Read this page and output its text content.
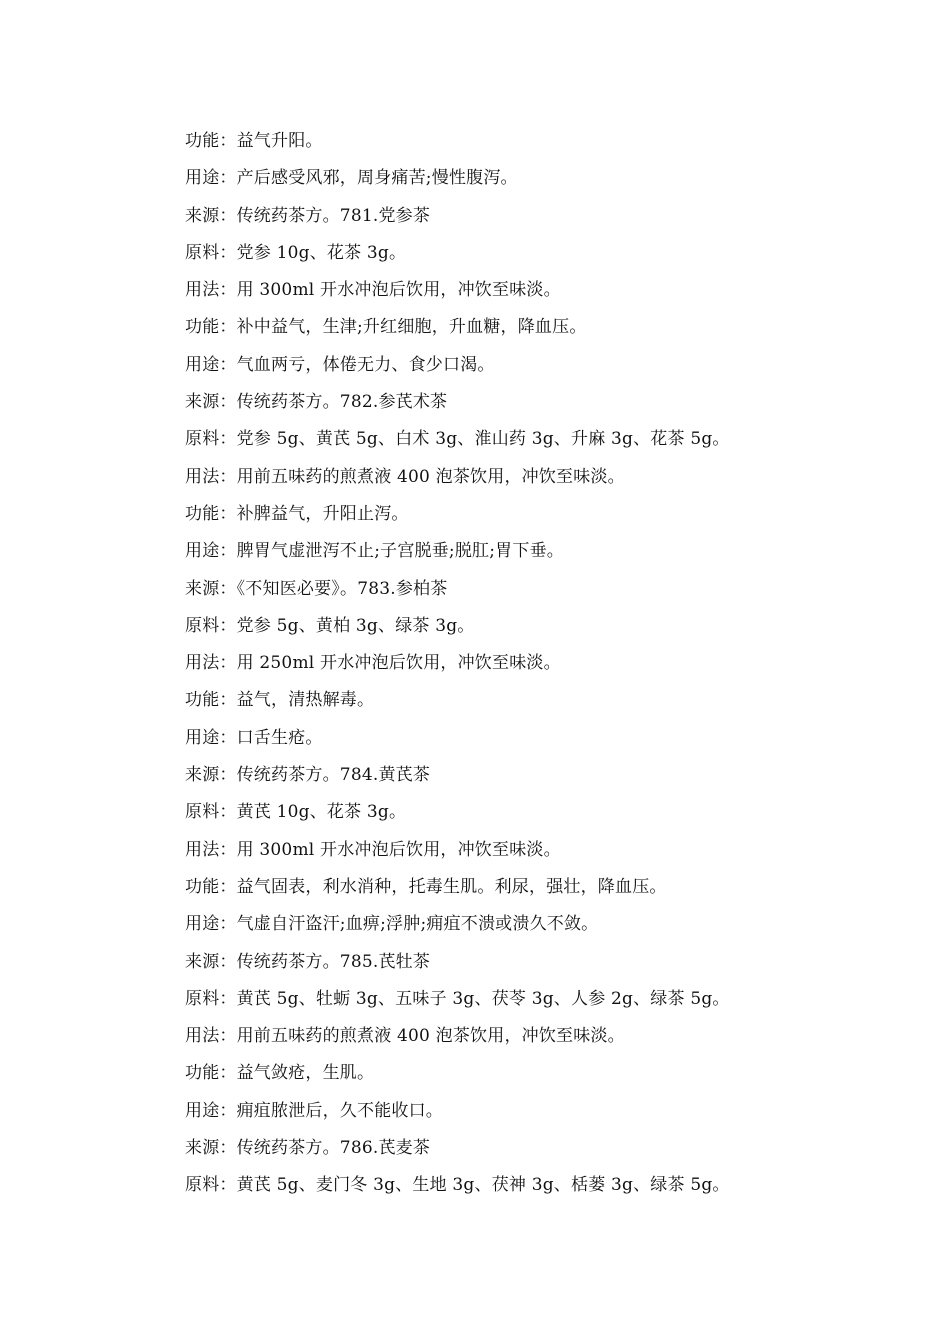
功能：益气升阳。
用途：产后感受风邪，周身痛苦;慢性腹泻。
来源：传统药茶方。781.党参茶
原料：党参 10g、花茶 3g。
用法：用 300ml 开水冲泡后饮用，冲饮至味淡。
功能：补中益气，生津;升红细胞，升血糖，降血压。
用途：气血两亏，体倦无力、食少口渴。
来源：传统药茶方。782.参芪术茶
原料：党参 5g、黄芪 5g、白术 3g、淮山药 3g、升麻 3g、花茶 5g。
用法：用前五味药的煎煮液 400 泡茶饮用，冲饮至味淡。
功能：补脾益气，升阳止泻。
用途：脾胃气虚泄泻不止;子宫脱垂;脱肛;胃下垂。
来源：《不知医必要》。783.参柏茶
原料：党参 5g、黄柏 3g、绿茶 3g。
用法：用 250ml 开水冲泡后饮用，冲饮至味淡。
功能：益气，清热解毒。
用途：口舌生疮。
来源：传统药茶方。784.黄芪茶
原料：黄芪 10g、花茶 3g。
用法：用 300ml 开水冲泡后饮用，冲饮至味淡。
功能：益气固表，利水消种，托毒生肌。利尿，强壮，降血压。
用途：气虚自汗盗汗;血痹;浮肿;痈疽不溃或溃久不敛。
来源：传统药茶方。785.芪牡茶
原料：黄芪 5g、牡蛎 3g、五味子 3g、茯苓 3g、人参 2g、绿茶 5g。
用法：用前五味药的煎煮液 400 泡茶饮用，冲饮至味淡。
功能：益气敛疮，生肌。
用途：痈疽脓泄后，久不能收口。
来源：传统药茶方。786.芪麦茶
原料：黄芪 5g、麦门冬 3g、生地 3g、茯神 3g、栝蒌 3g、绿茶 5g。
